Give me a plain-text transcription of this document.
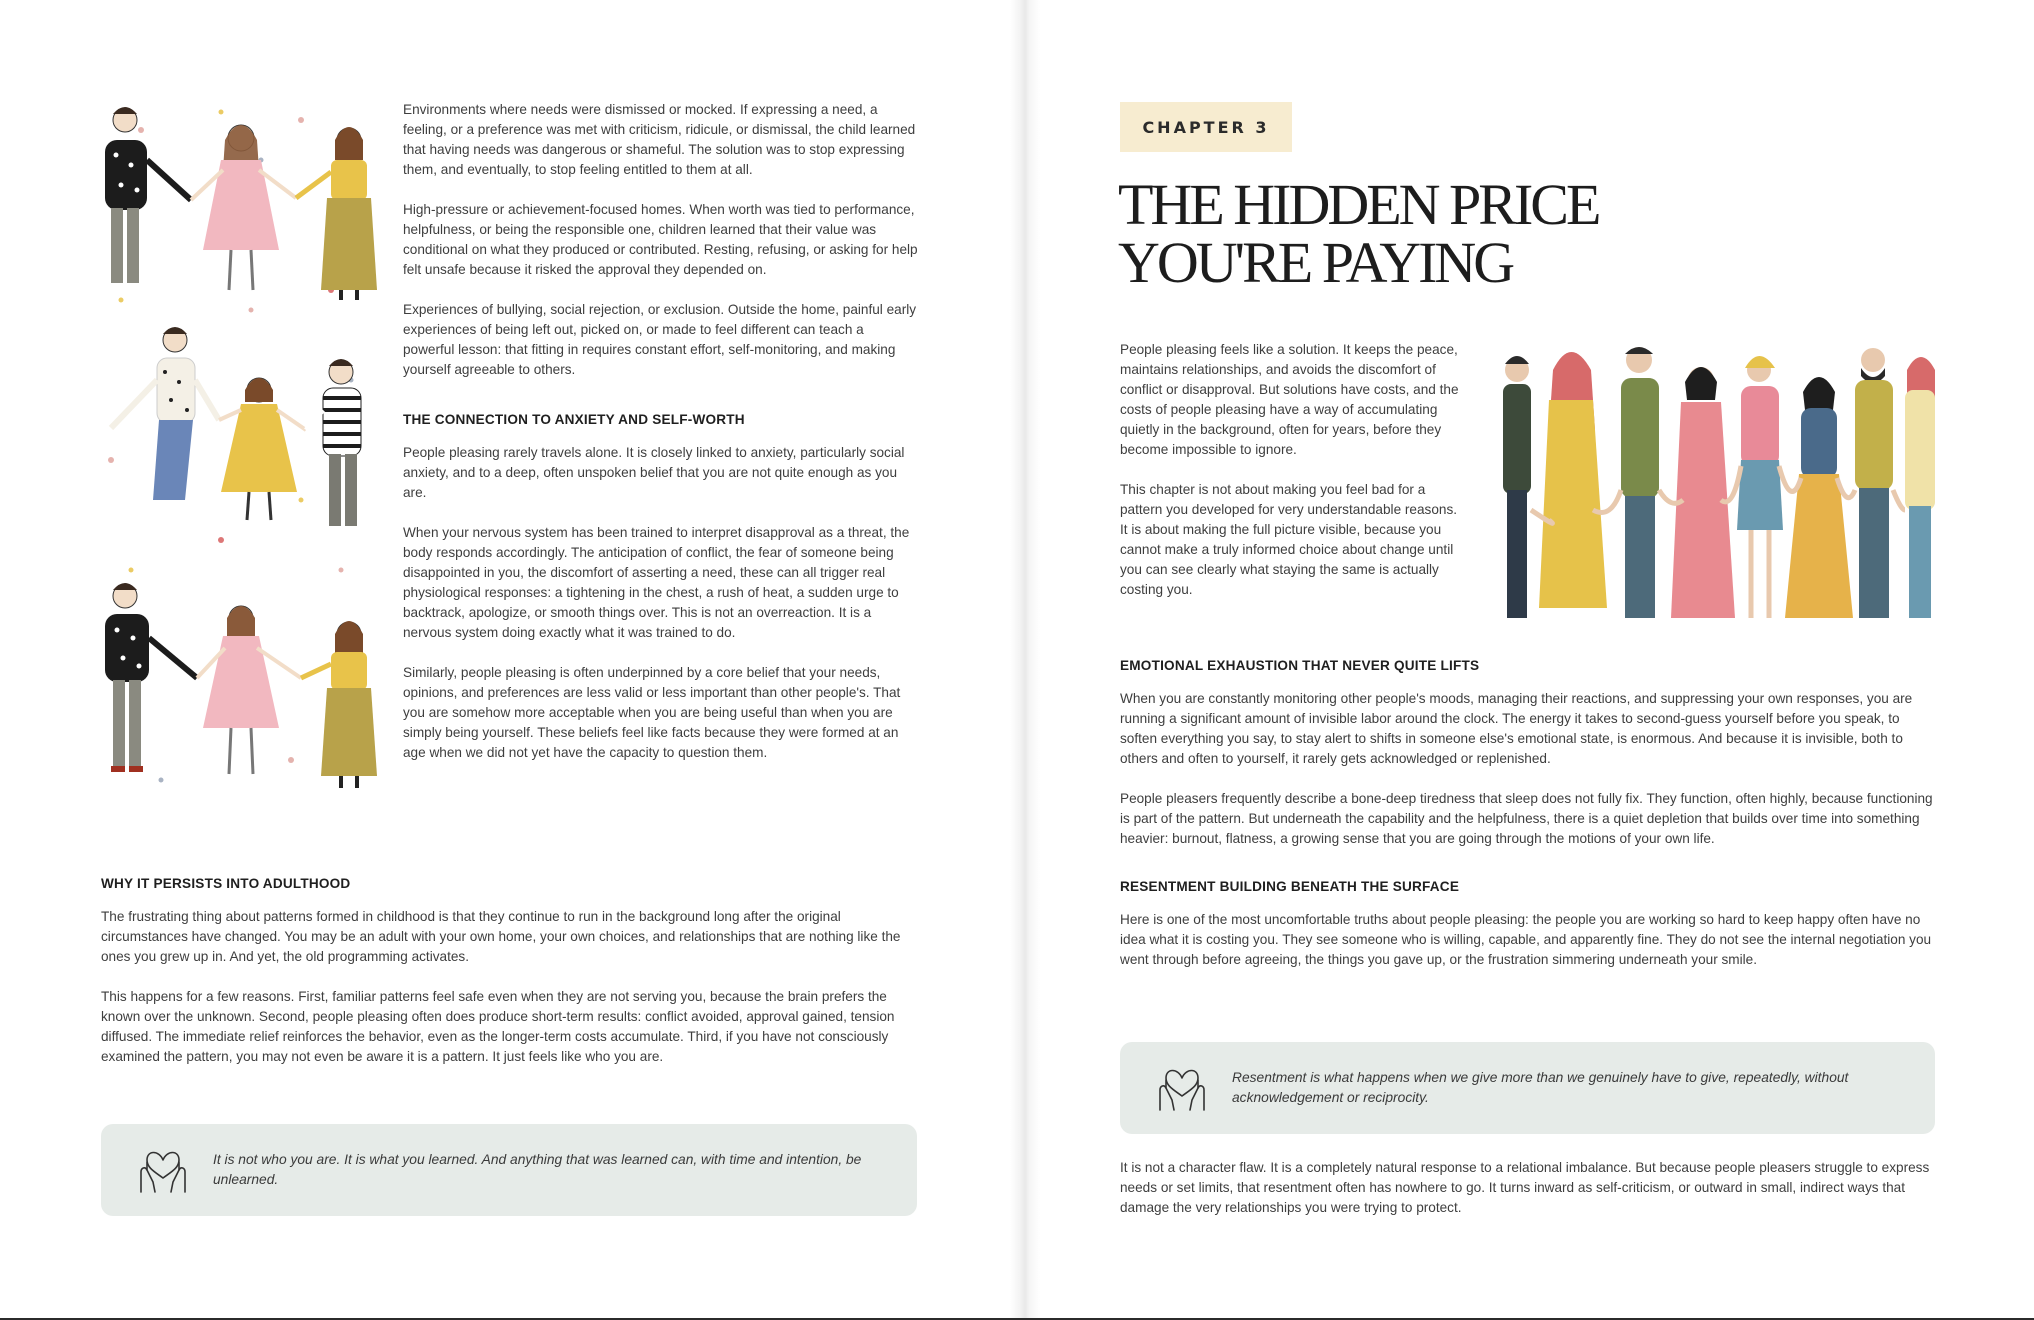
Environments where needs were dismissed or mocked. If expressing a need, a feeling, or a preference was met with criticism, ridicule, or dismissal, the child learned that having needs was dangerous or shameful. The solution was to stop expressing them, and eventually, to stop feeling entitled to them at all.

High-pressure or achievement-focused homes. When worth was tied to performance, helpfulness, or being the responsible one, children learned that their value was conditional on what they produced or contributed. Resting, refusing, or asking for help felt unsafe because it risked the approval they depended on.

Experiences of bullying, social rejection, or exclusion. Outside the home, painful early experiences of being left out, picked on, or made to feel different can teach a powerful lesson: that fitting in requires constant effort, self-monitoring, and making yourself agreeable to others.

THE CONNECTION TO ANXIETY AND SELF-WORTH

People pleasing rarely travels alone. It is closely linked to anxiety, particularly social anxiety, and to a deep, often unspoken belief that you are not quite enough as you are.

When your nervous system has been trained to interpret disapproval as a threat, the body responds accordingly. The anticipation of conflict, the fear of someone being disappointed in you, the discomfort of asserting a need, these can all trigger real physiological responses: a tightening in the chest, a rush of heat, a sudden urge to backtrack, apologize, or smooth things over. This is not an overreaction. It is a nervous system doing exactly what it was trained to do.

Similarly, people pleasing is often underpinned by a core belief that your needs, opinions, and preferences are less valid or less important than other people's. That you are somehow more acceptable when you are being useful than when you are simply being yourself. These beliefs feel like facts because they were formed at an age when we did not yet have the capacity to question them.

WHY IT PERSISTS INTO ADULTHOOD

The frustrating thing about patterns formed in childhood is that they continue to run in the background long after the original circumstances have changed. You may be an adult with your own home, your own choices, and relationships that are nothing like the ones you grew up in. And yet, the old programming activates.

This happens for a few reasons. First, familiar patterns feel safe even when they are not serving you, because the brain prefers the known over the unknown. Second, people pleasing often does produce short-term results: conflict avoided, approval gained, tension diffused. The immediate relief reinforces the behavior, even as the longer-term costs accumulate. Third, if you have not consciously examined the pattern, you may not even be aware it is a pattern. It just feels like who you are.

It is not who you are. It is what you learned. And anything that was learned can, with time and intention, be unlearned.
CHAPTER 3
THE HIDDEN PRICE
YOU'RE PAYING

People pleasing feels like a solution. It keeps the peace, maintains relationships, and avoids the discomfort of conflict or disapproval. But solutions have costs, and the costs of people pleasing have a way of accumulating quietly in the background, often for years, before they become impossible to ignore.

This chapter is not about making you feel bad for a pattern you developed for very understandable reasons. It is about making the full picture visible, because you cannot make a truly informed choice about change until you can see clearly what staying the same is actually costing you.

EMOTIONAL EXHAUSTION THAT NEVER QUITE LIFTS

When you are constantly monitoring other people's moods, managing their reactions, and suppressing your own responses, you are running a significant amount of invisible labor around the clock. The energy it takes to second-guess yourself before you speak, to soften everything you say, to stay alert to shifts in someone else's emotional state, is enormous. And because it is invisible, both to others and often to yourself, it rarely gets acknowledged or replenished.

People pleasers frequently describe a bone-deep tiredness that sleep does not fully fix. They function, often highly, because functioning is part of the pattern. But underneath the capability and the helpfulness, there is a quiet depletion that builds over time into something heavier: burnout, flatness, a growing sense that you are going through the motions of your own life.

RESENTMENT BUILDING BENEATH THE SURFACE

Here is one of the most uncomfortable truths about people pleasing: the people you are working so hard to keep happy often have no idea what it is costing you. They see someone who is willing, capable, and apparently fine. They do not see the internal negotiation you went through before agreeing, the things you gave up, or the frustration simmering underneath your smile.

Resentment is what happens when we give more than we genuinely have to give, repeatedly, without acknowledgement or reciprocity.

It is not a character flaw. It is a completely natural response to a relational imbalance. But because people pleasers struggle to express needs or set limits, that resentment often has nowhere to go. It turns inward as self-criticism, or outward in small, indirect ways that damage the very relationships you were trying to protect.
